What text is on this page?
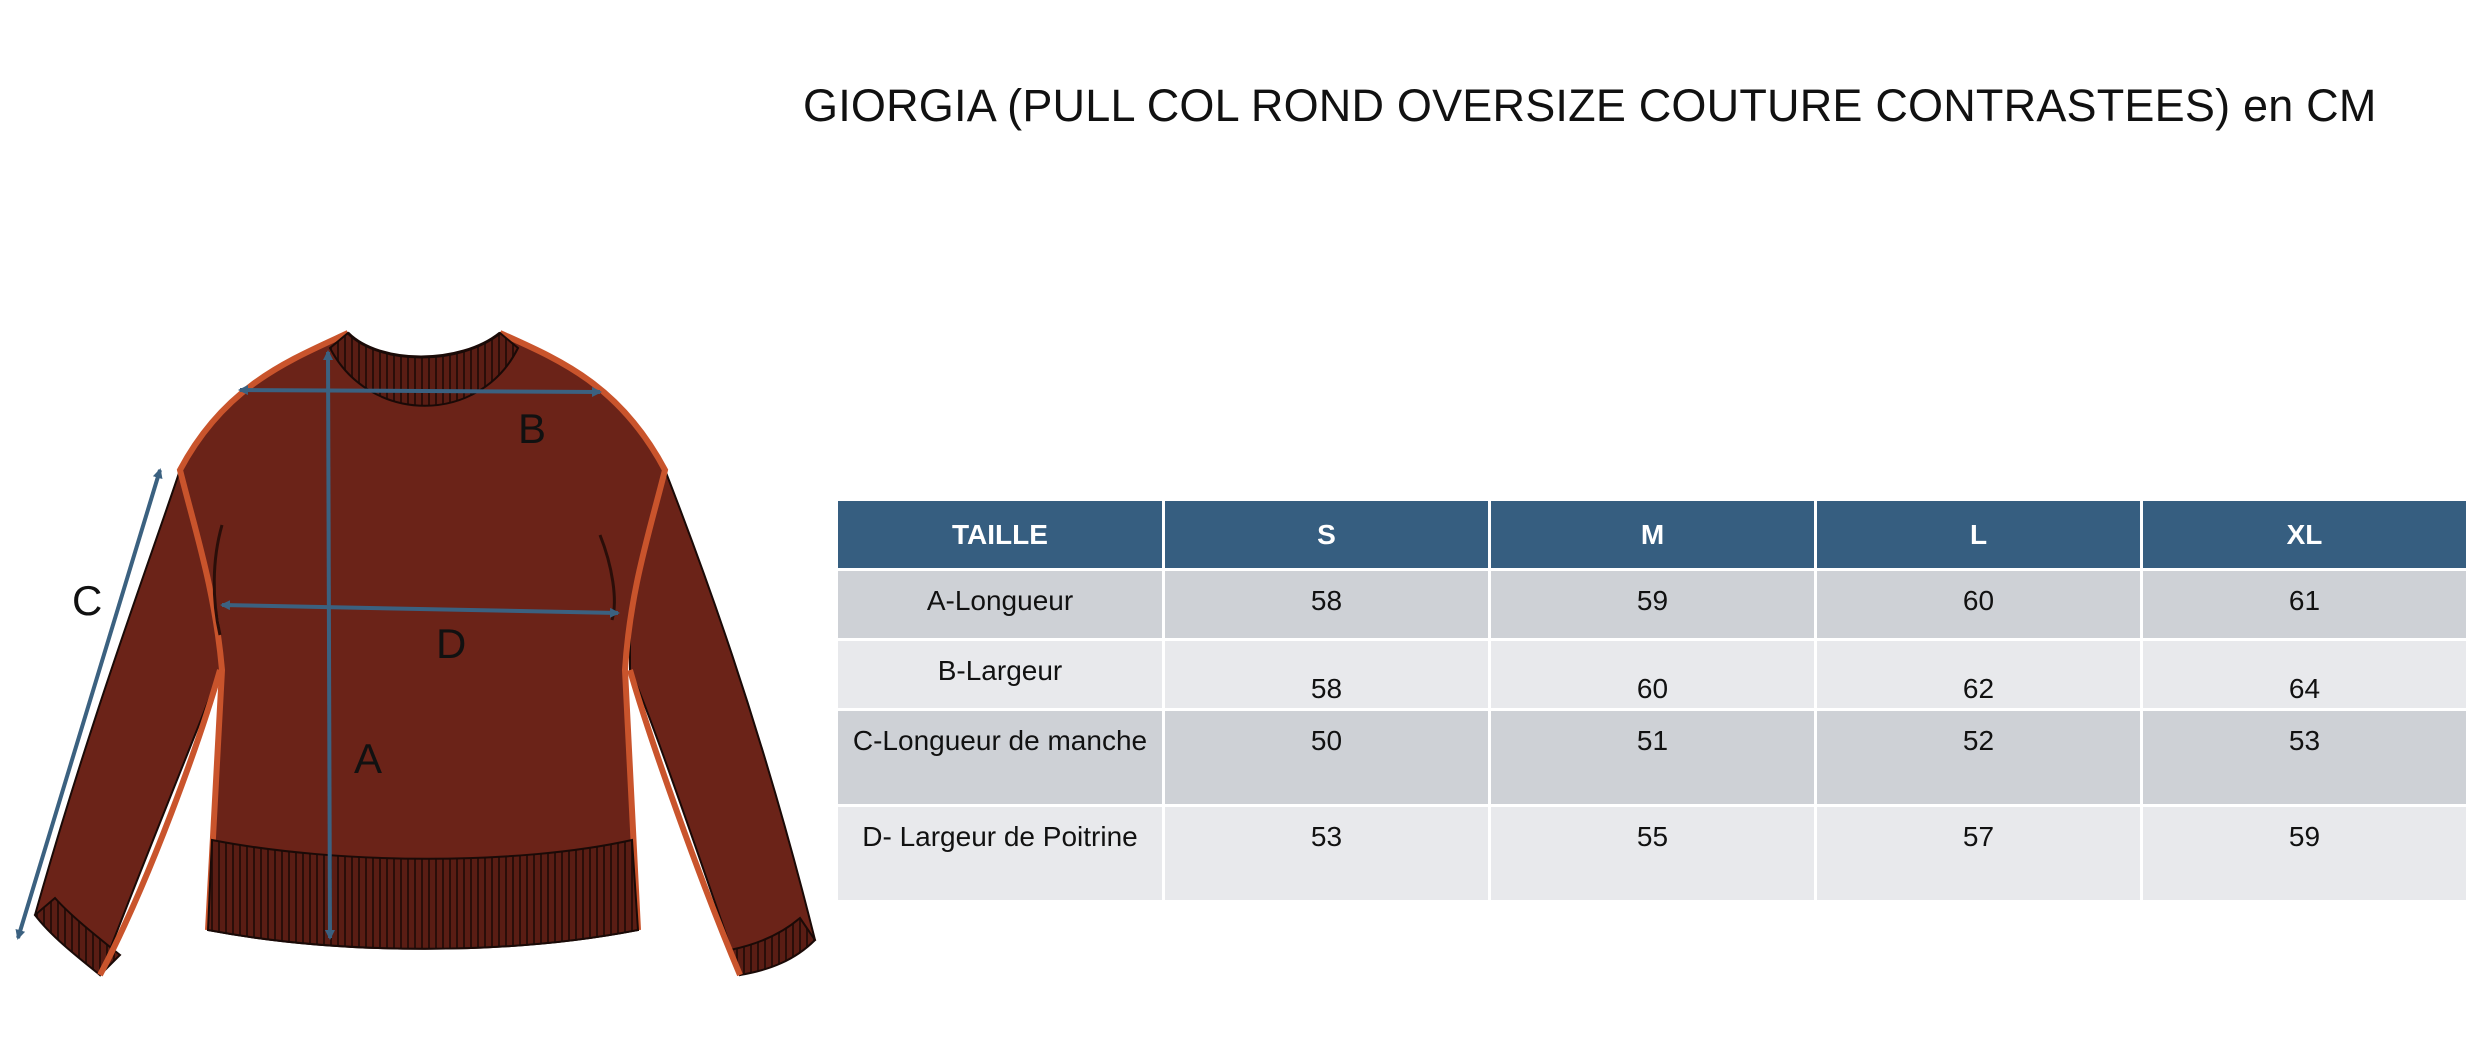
GIORGIA (PULL COL ROND OVERSIZE COUTURE CONTRASTEES) en CM
B
C
D
A
TAILLE	S	M	L	XL
A-Longueur	58	59	60	61
B-Largeur	58	60	62	64
C-Longueur de manche	50	51	52	53
D- Largeur de Poitrine	53	55	57	59
